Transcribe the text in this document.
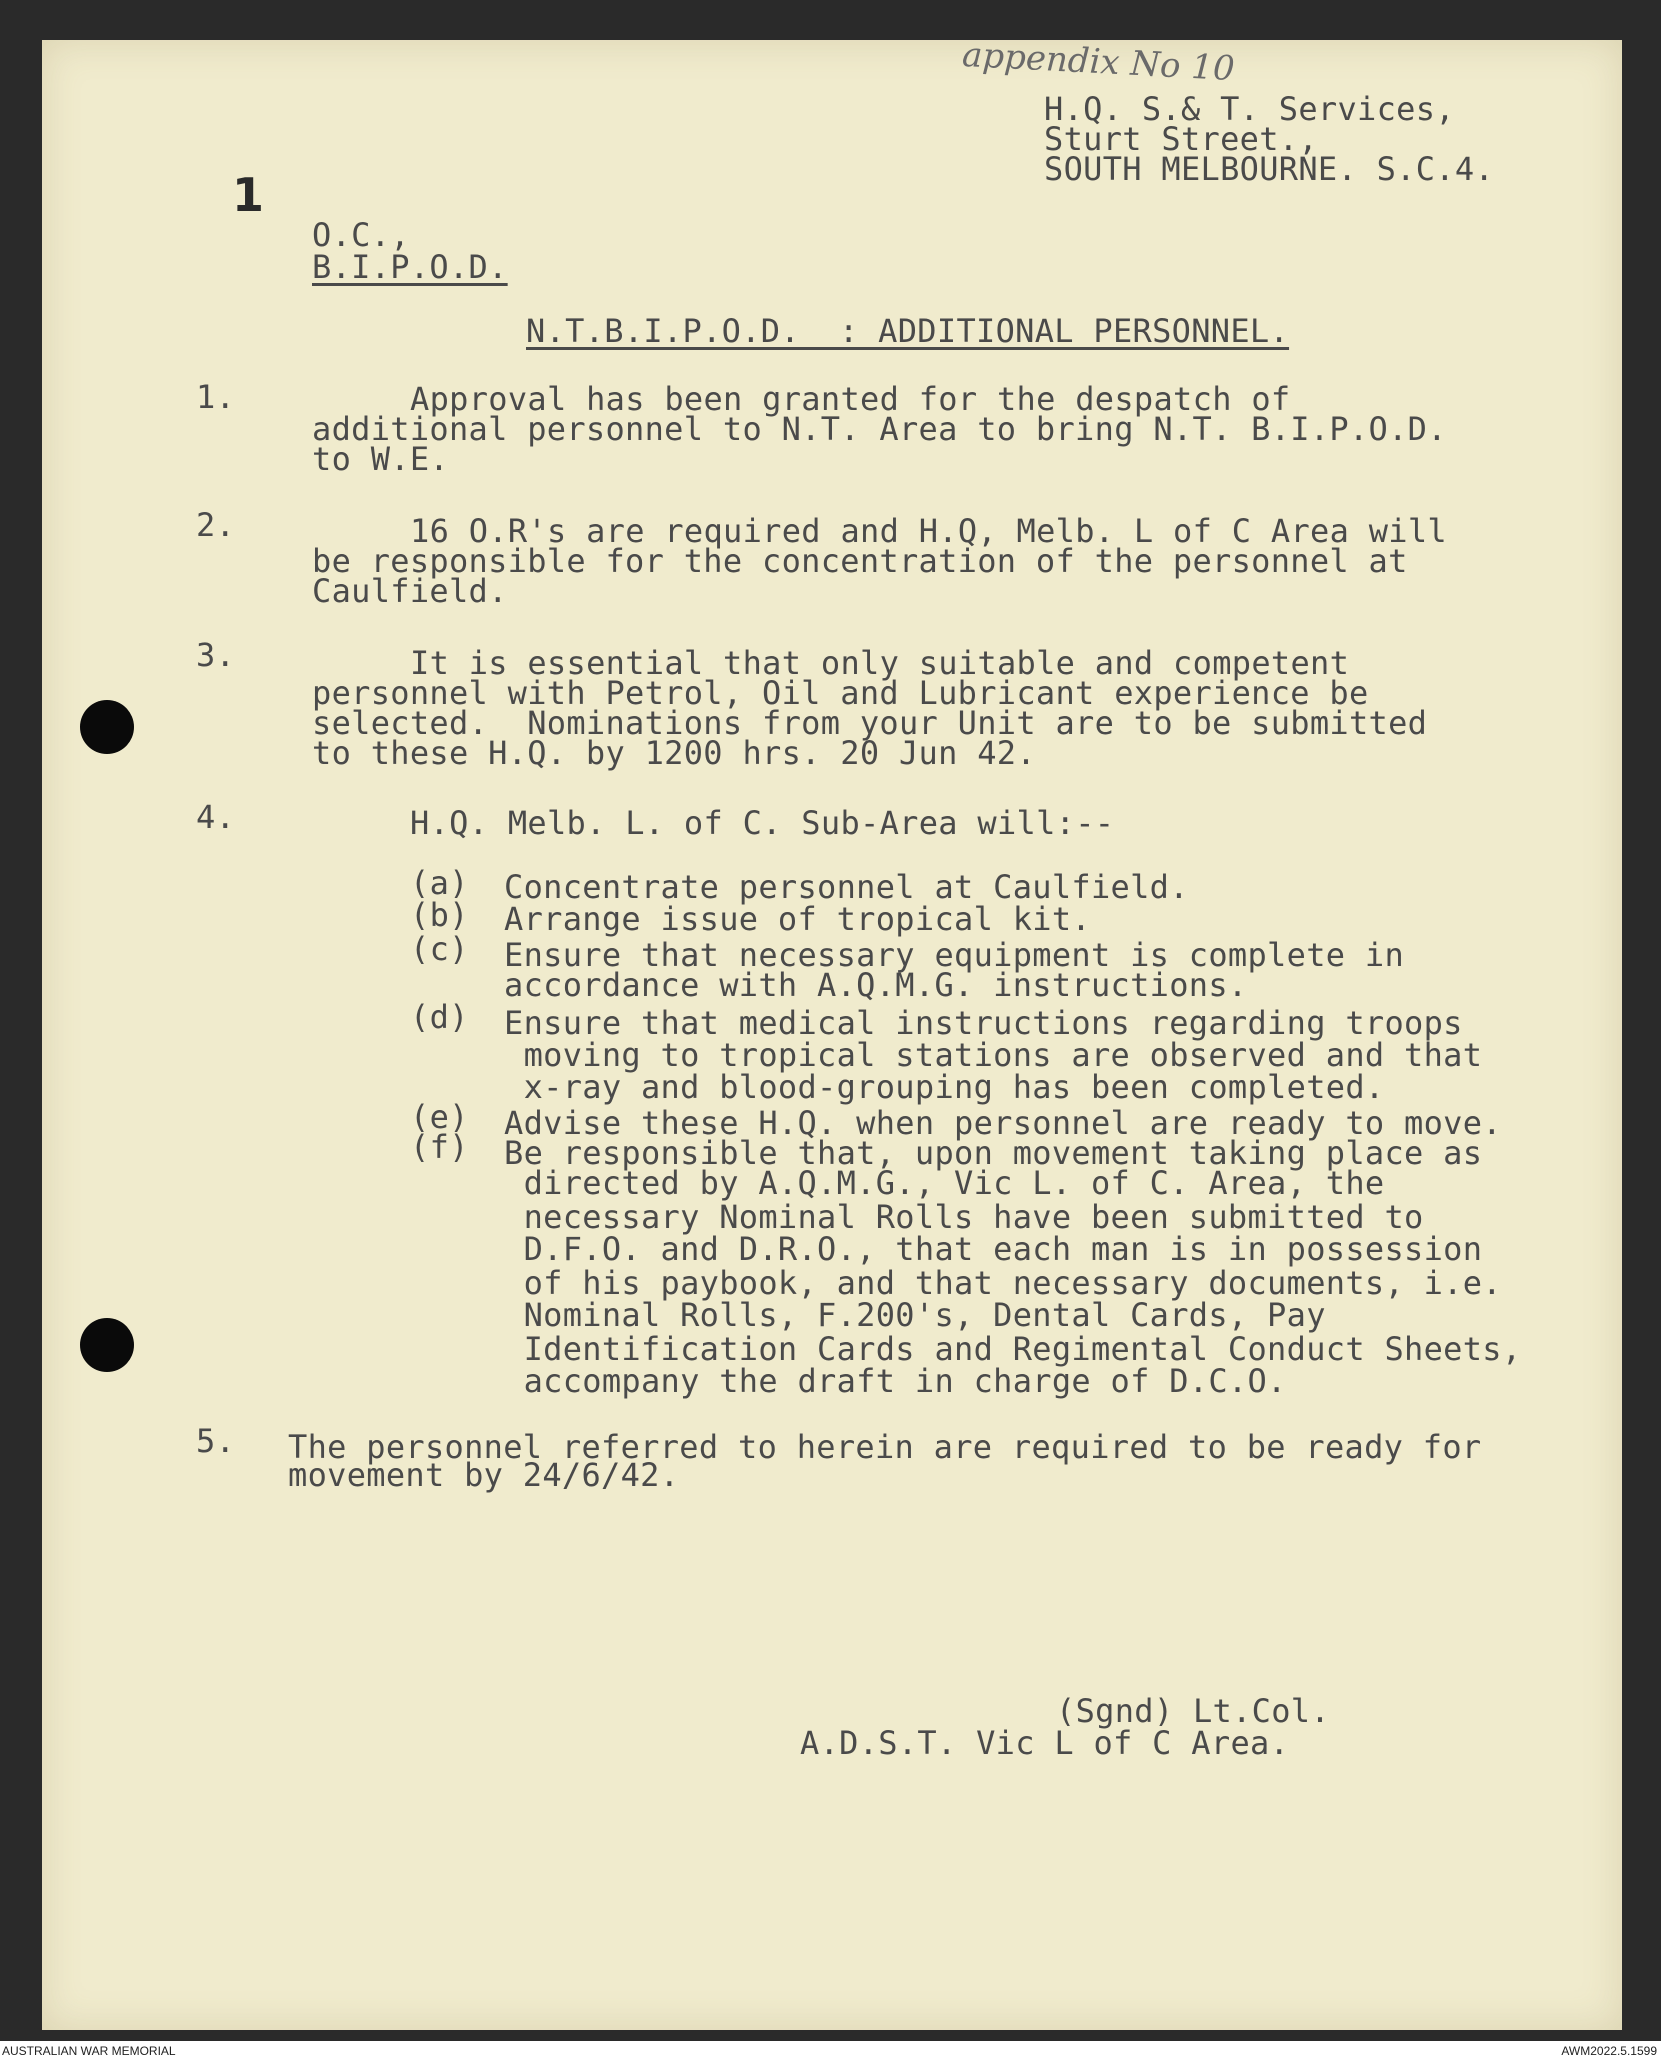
appendix No 10
1
H.Q. S.& T. Services,
Sturt Street.,
SOUTH MELBOURNE. S.C.4.
O.C.,
B.I.P.O.D.
N.T.B.I.P.O.D.  : ADDITIONAL PERSONNEL.
1.	Approval has been granted for the despatch of
additional personnel to N.T. Area to bring N.T. B.I.P.O.D.
to W.E.
2.	16 O.R's are required and H.Q, Melb. L of C Area will
be responsible for the concentration of the personnel at
Caulfield.
3.	It is essential that only suitable and competent
personnel with Petrol, Oil and Lubricant experience be
selected.  Nominations from your Unit are to be submitted
to these H.Q. by 1200 hrs. 20 Jun 42.
4.	H.Q. Melb. L. of C. Sub-Area will:--
(a) Concentrate personnel at Caulfield.
(b) Arrange issue of tropical kit.
(c) Ensure that necessary equipment is complete in
accordance with A.Q.M.G. instructions.
(d) Ensure that medical instructions regarding troops
moving to tropical stations are observed and that
x-ray and blood-grouping has been completed.
(e) Advise these H.Q. when personnel are ready to move.
(f) Be responsible that, upon movement taking place as
directed by A.Q.M.G., Vic L. of C. Area, the
necessary Nominal Rolls have been submitted to
D.F.O. and D.R.O., that each man is in possession
of his paybook, and that necessary documents, i.e.
Nominal Rolls, F.200's, Dental Cards, Pay
Identification Cards and Regimental Conduct Sheets,
accompany the draft in charge of D.C.O.
5. The personnel referred to herein are required to be ready for
movement by 24/6/42.
(Sgnd) Lt.Col.
A.D.S.T. Vic L of C Area.
AUSTRALIAN WAR MEMORIAL	AWM2022.5.1599
